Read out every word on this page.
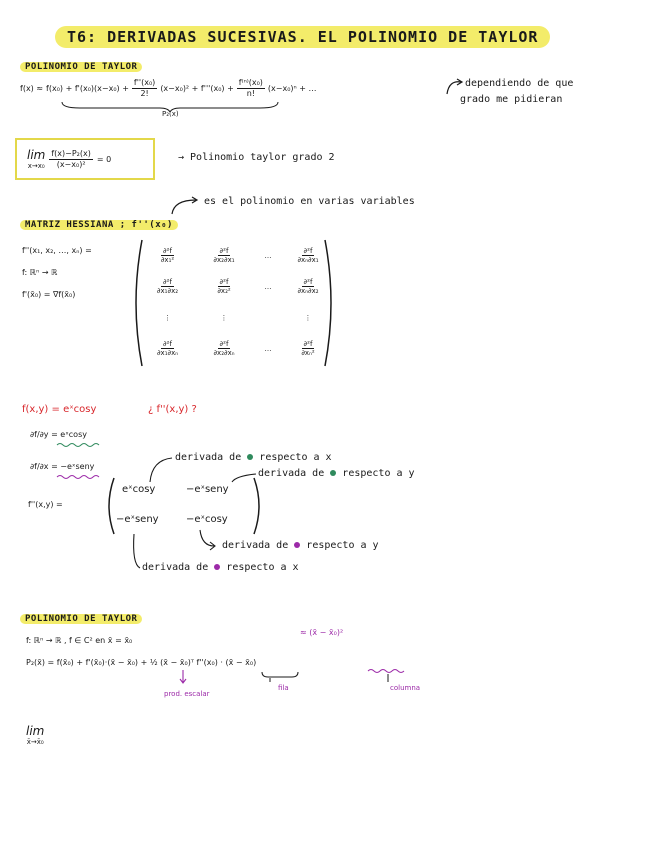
T6: DERIVADAS SUCESIVAS. EL POLINOMIO DE TAYLOR
POLINOMIO DE TAYLOR
$f(x) \approx f(x_0) + f'(x_0)(x-x_0) + \frac{\text{f''(x₀)}}{2!} (x-x_0)^2 + f'''(x_0) + \frac{\text{f⁽ⁿ⁾(x₀)}}{n!} (x-x_0)^n$ + …
P₂(x)
dependiendo de que
grado me pidieran
lim
$x\to x_0 \frac{\text{f(x)−P₂(x)}}{\text{(x−x₀)²}} = 0$	→ Polinomio taylor grado 2
es el polinomio en varias variables
MATRIZ HESSIANA ; f''(x₀)
f''(x₁, x₂, …, xₙ) =
f: ℝⁿ → ℝ
f'(x̄₀) = ∇f(x̄₀)
$\frac{\text{∂²f}}{\text{∂x₁²}}$	$\frac{\text{∂²f}}{\text{∂x₂∂x₁}}$	…	$\frac{\text{∂²f}}{\text{∂xₙ∂x₁}}$
$\frac{\text{∂²f}}{\text{∂x₁∂x₂}}$	$\frac{\text{∂²f}}{\text{∂x₂²}}$	…	$\frac{\text{∂²f}}{\text{∂xₙ∂x₂}}$
⋮	⋮	⋮
$\frac{\text{∂²f}}{\text{∂x₁∂xₙ}}$	$\frac{\text{∂²f}}{\text{∂x₂∂xₙ}}$	…	$\frac{\text{∂²f}}{\text{∂xₙ²}}$
f(x,y) = eˣcosy	¿ f''(x,y) ?
∂f/∂y = eˣcosy
∂f/∂x = −eˣseny
f''(x,y) =
eˣcosy	−eˣseny
−eˣseny	−eˣcosy
derivada de respecto a x
derivada de respecto a y
derivada de respecto a y
derivada de respecto a x
POLINOMIO DE TAYLOR
≈ (x̄ − x̄₀)²
f: ℝⁿ → ℝ , f ∈ C² en x̄ = x̄₀
P₂(x̄) = f(x̄₀) + f'(x̄₀)·(x̄ − x̄₀) + ½ (x̄ − x̄₀)ᵀ f''(x₀) · (x̄ − x̄₀)
prod. escalar
fila	columna
lim
x̄→x̄₀
